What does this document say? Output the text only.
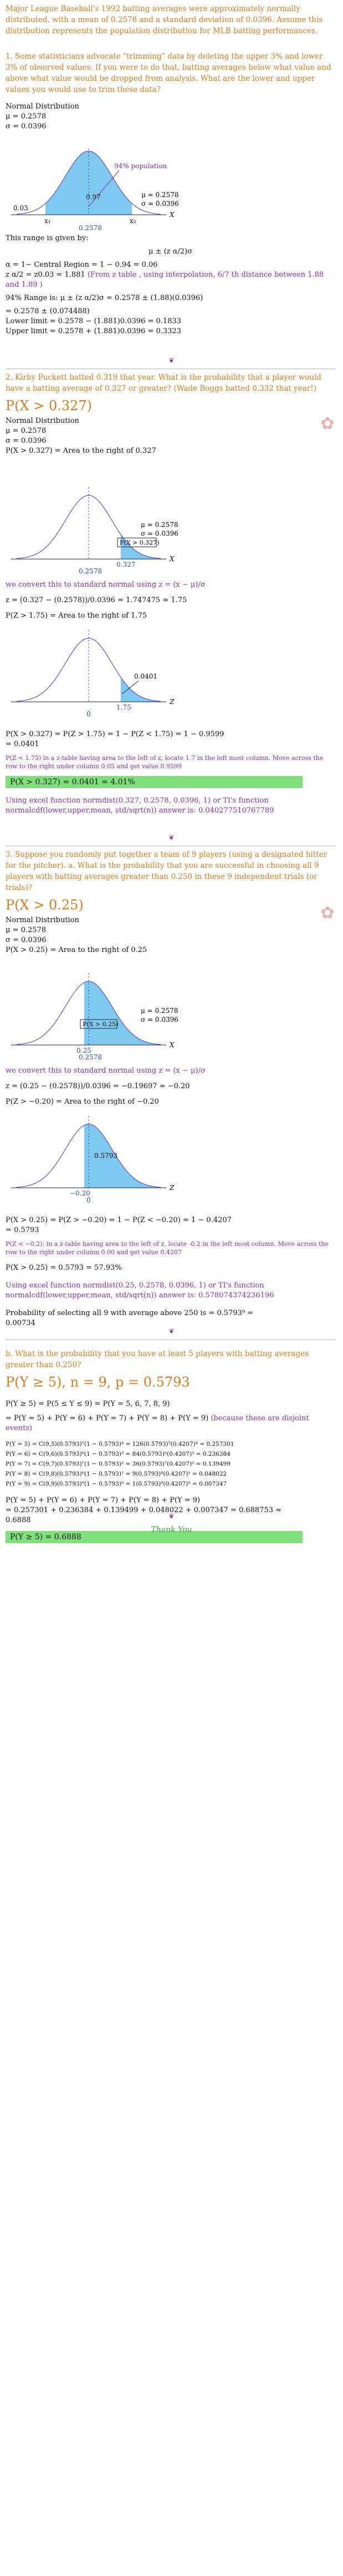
Major League Baseball's 1992 batting averages were approximately normally distributed, with a mean of 0.2578 and a standard deviation of 0.0396. Assume this distribution represents the population distribution for MLB batting performances.

1. Some statisticians advocate "trimming" data by deleting the upper 3% and lower 3% of observed values. If you were to do that, batting averages below what value and above what value would be dropped from analysis. What are the lower and upper values you would use to trim these data?

Normal Distribution

μ = 0.2578

σ = 0.0396

94% population
0.97
0.03
x₁	x₂
0.2578
X
μ = 0.2578
σ = 0.0396

This range is given by:

μ ± (z α/2)σ

α = 1− Central Region = 1 − 0.94 = 0.06

z α/2 = z0.03 = 1.881 (From z table , using interpolation, 6/7 th distance between 1.88 and 1.89 )

94% Range is: μ ± (z α/2)σ = 0.2578 ± (1.88)(0.0396)

= 0.2578 ± (0.074488)

Lower limit = 0.2578 − (1.881)0.0396 = 0.1833

Upper limit = 0.2578 + (1.881)0.0396 = 0.3323

❦

2. Kirby Puckett batted 0.319 that year. What is the probability that a player would have a batting average of 0.327 or greater? (Wade Boggs batted 0.332 that year!)

P(X > 0.327)

Normal Distribution

μ = 0.2578

σ = 0.0396

P(X > 0.327) = Area to the right of 0.327

✿
P(X > 0.327)
μ = 0.2578
σ = 0.0396
0.327
0.2578
X

we convert this to standard normal using z = (x − μ)/σ

z = (0.327 − (0.2578))/0.0396 = 1.747475 ≈ 1.75

P(Z > 1.75) = Area to the right of 1.75

0.0401
1.75
0
Z

P(X > 0.327) = P(Z > 1.75) = 1 − P(Z < 1.75) = 1 − 0.9599

= 0.0401

P(Z < 1.75) in a z-table having area to the left of z, locate 1.7 in the left most column. Move across the row to the right under column 0.05 and get value 0.9599

P(X > 0.327) = 0.0401 = 4.01%

Using excel function normdist(0.327, 0.2578, 0.0396, 1) or TI's function normalcdf(lower,upper,mean, std/sqrt(n)) answer is: 0.040277510767789

❦

3. Suppose you randomly put together a team of 9 players (using a designated hitter for the pitcher). a. What is the probability that you are successful in choosing all 9 players with batting averages greater than 0.250 in these 9 independent trials (or trials)?

P(X > 0.25)

Normal Distribution

μ = 0.2578

σ = 0.0396

P(X > 0.25) = Area to the right of 0.25

✿
P(X > 0.25)
μ = 0.2578
σ = 0.0396
0.25
0.2578
X

we convert this to standard normal using z = (x − μ)/σ

z = (0.25 − (0.2578))/0.0396 = −0.19697 ≈ −0.20

P(Z > −0.20) = Area to the right of −0.20

0.5793
−0.20
0
Z

P(X > 0.25) = P(Z > −0.20) = 1 − P(Z < −0.20) = 1 − 0.4207

= 0.5793

P(Z < −0.2): in a z-table having area to the left of z, locate -0.2 in the left most column. Move across the row to the right under column 0.00 and get value 0.4207

P(X > 0.25) = 0.5793 = 57.93%

Using excel function normdist(0.25, 0.2578, 0.0396, 1) or TI's function normalcdf(lower,upper,mean, std/sqrt(n)) answer is: 0.578074374236196

Probability of selecting all 9 with average above 250 is = 0.5793⁹ =

0.00734

❦

b. What is the probability that you have at least 5 players with batting averages greater than 0.250?

P(Y ≥ 5), n = 9, p = 0.5793

P(Y ≥ 5) = P(5 ≤ Y ≤ 9) = P(Y = 5, 6, 7, 8, 9)

= P(Y = 5) + P(Y = 6) + P(Y = 7) + P(Y = 8) + P(Y = 9) (because these are disjoint events)

P(Y = 5) = C(9,5)(0.5793)⁵(1 − 0.5793)⁴ = 126(0.5793)⁵(0.4207)⁴ = 0.257301

P(Y = 6) = C(9,6)(0.5793)⁶(1 − 0.5793)³ = 84(0.5793)⁶(0.4207)³ = 0.236384

P(Y = 7) = C(9,7)(0.5793)⁷(1 − 0.5793)² = 36(0.5793)⁷(0.4207)² = 0.139499

P(Y = 8) = C(9,8)(0.5793)⁸(1 − 0.5793)¹ = 9(0.5793)⁸(0.4207)¹ = 0.048022

P(Y = 9) = C(9,9)(0.5793)⁹(1 − 0.5793)⁰ = 1(0.5793)⁹(0.4207)⁰ = 0.007347

P(Y = 5) + P(Y = 6) + P(Y = 7) + P(Y = 8) + P(Y = 9)

= 0.257301 + 0.236384 + 0.139499 + 0.048022 + 0.007347 = 0.688753 ≈

0.6888

P(Y ≥ 5) = 0.6888

❦
Thank You
